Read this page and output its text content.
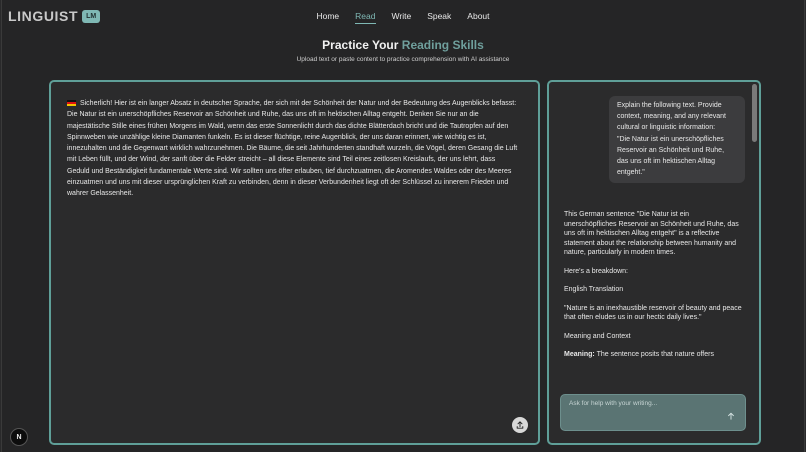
LINGUIST	LM	Home Read Write Speak About
Practice Your Reading Skills
Upload text or paste content to practice comprehension with AI assistance
Sicherlich! Hier ist ein langer Absatz in deutscher Sprache, der sich mit der Schönheit der Natur und der Bedeutung des Augenblicks befasst:
Die Natur ist ein unerschöpfliches Reservoir an Schönheit und Ruhe, das uns oft im hektischen Alltag entgeht. Denken Sie nur an die majestätische Stille eines frühen Morgens im Wald, wenn das erste Sonnenlicht durch das dichte Blätterdach bricht und die Tautropfen auf den Spinnweben wie unzählige kleine Diamanten funkeln. Es ist dieser flüchtige, reine Augenblick, der uns daran erinnert, wie wichtig es ist, innezuhalten und die Gegenwart wirklich wahrzunehmen. Die Bäume, die seit Jahrhunderten standhaft wurzeln, die Vögel, deren Gesang die Luft mit Leben füllt, und der Wind, der sanft über die Felder streicht – all diese Elemente sind Teil eines zeitlosen Kreislaufs, der uns lehrt, dass Geduld und Beständigkeit fundamentale Werte sind. Wir sollten uns öfter erlauben, tief durchzuatmen, die Aromendes Waldes oder des Meeres einzuatmen und uns mit dieser ursprünglichen Kraft zu verbinden, denn in dieser Verbundenheit liegt oft der Schlüssel zu innerem Frieden und wahrer Gelassenheit.
Explain the following text. Provide context, meaning, and any relevant cultural or linguistic information:
"Die Natur ist ein unerschöpfliches Reservoir an Schönheit und Ruhe, das uns oft im hektischen Alltag entgeht."

This German sentence "Die Natur ist ein unerschöpfliches Reservoir an Schönheit und Ruhe, das uns oft im hektischen Alltag entgeht" is a reflective statement about the relationship between humanity and nature, particularly in modern times.

Here's a breakdown:

English Translation

"Nature is an inexhaustible reservoir of beauty and peace that often eludes us in our hectic daily lives."

Meaning and Context

Meaning: The sentence posits that nature offers

Ask for help with your writing...
N
